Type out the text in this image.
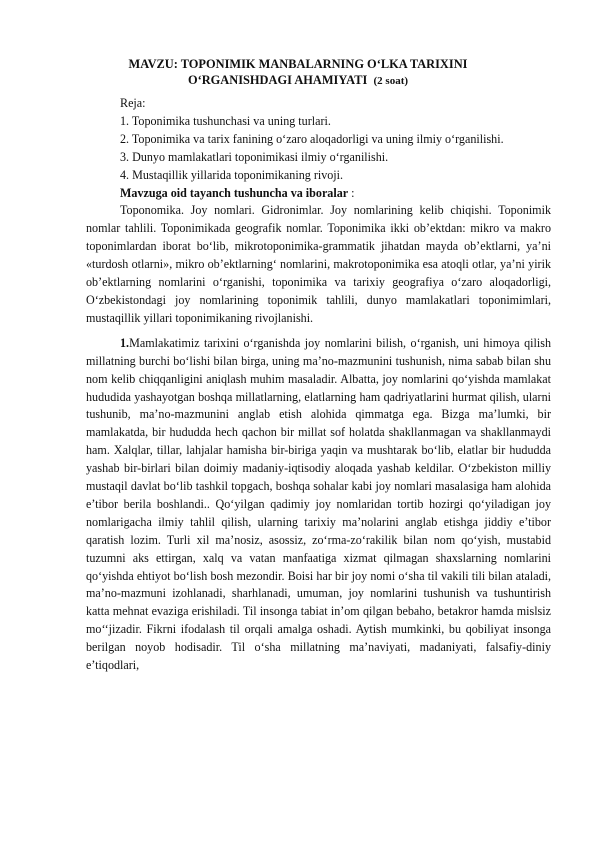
MAVZU: TOPONIMIK MANBALARNING O‘LKA TARIXINI
O‘RGANISHDAGI AHAMIYATI (2 soat)

Reja:

1. Toponimika tushunchasi va uning turlari.

2. Toponimika va tarix fanining o‘zaro aloqadorligi va uning ilmiy o‘rganilishi.

3. Dunyo mamlakatlari toponimikasi ilmiy o‘rganilishi.

4. Mustaqillik yillarida toponimikaning rivoji.

Mavzuga oid tayanch tushuncha va iboralar :

Toponomika. Joy nomlari. Gidronimlar. Joy nomlarining kelib chiqishi. Toponimik nomlar tahlili. Toponimikada geografik nomlar. Toponimika ikki ob’ektdan: mikro va makro toponimlardan iborat bo‘lib, mikrotoponimika-grammatik jihatdan mayda ob’ektlarni, ya’ni «turdosh otlarni», mikro ob’ektlarning‘ nomlarini, makrotoponimika esa atoqli otlar, ya’ni yirik ob’ektlarning nomlarini o‘rganishi, toponimika va tarixiy geografiya o‘zaro aloqadorligi, O‘zbekistondagi joy nomlarining toponimik tahlili, dunyo mamlakatlari toponimimlari, mustaqillik yillari toponimikaning rivojlanishi.

1.Mamlakatimiz tarixini o‘rganishda joy nomlarini bilish, o‘rganish, uni himoya qilish millatning burchi bo‘lishi bilan birga, uning ma’no-mazmunini tushunish, nima sabab bilan shu nom kelib chiqqanligini aniqlash muhim masaladir. Albatta, joy nomlarini qo‘yishda mamlakat hududida yashayotgan boshqa millatlarning, elatlarning ham qadriyatlarini hurmat qilish, ularni tushunib, ma’no-mazmunini anglab etish alohida qimmatga ega. Bizga ma’lumki, bir mamlakatda, bir hududda hech qachon bir millat sof holatda shakllanmagan va shakllanmaydi ham. Xalqlar, tillar, lahjalar hamisha bir-biriga yaqin va mushtarak bo‘lib, elatlar bir hududda yashab bir-birlari bilan doimiy madaniy-iqtisodiy aloqada yashab keldilar. O‘zbekiston milliy mustaqil davlat bo‘lib tashkil topgach, boshqa sohalar kabi joy nomlari masalasiga ham alohida e’tibor berila boshlandi.. Qo‘yilgan qadimiy joy nomlaridan tortib hozirgi qo‘yiladigan joy nomlarigacha ilmiy tahlil qilish, ularning tarixiy ma’nolarini anglab etishga jiddiy e’tibor qaratish lozim. Turli xil ma’nosiz, asossiz, zo‘rma-zo‘rakilik bilan nom qo‘yish, mustabid tuzumni aks ettirgan, xalq va vatan manfaatiga xizmat qilmagan shaxslarning nomlarini qo‘yishda ehtiyot bo‘lish bosh mezondir. Boisi har bir joy nomi o‘sha til vakili tili bilan ataladi, ma’no-mazmuni izohlanadi, sharhlanadi, umuman, joy nomlarini tushunish va tushuntirish katta mehnat evaziga erishiladi. Til insonga tabiat in’om qilgan bebaho, betakror hamda mislsiz mo‘‘jizadir. Fikrni ifodalash til orqali amalga oshadi. Aytish mumkinki, bu qobiliyat insonga berilgan noyob hodisadir. Til o‘sha millatning ma’naviyati, madaniyati, falsafiy-diniy e’tiqodlari,
